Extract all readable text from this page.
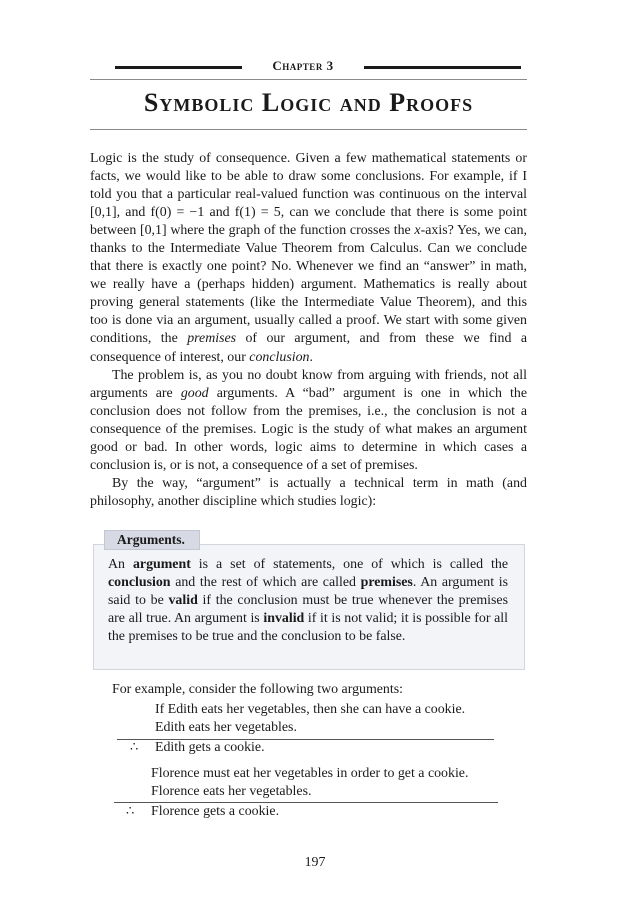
Chapter 3
Symbolic Logic and Proofs

Logic is the study of consequence. Given a few mathematical statements or facts, we would like to be able to draw some conclusions. For example, if I told you that a particular real-valued function was continuous on the interval [0,1], and f(0) = −1 and f(1) = 5, can we conclude that there is some point between [0,1] where the graph of the function crosses the x-axis? Yes, we can, thanks to the Intermediate Value Theorem from Calculus. Can we conclude that there is exactly one point? No. Whenever we find an “answer” in math, we really have a (perhaps hidden) argument. Mathematics is really about proving general statements (like the Intermediate Value Theorem), and this too is done via an argument, usually called a proof. We start with some given conditions, the premises of our argument, and from these we find a consequence of interest, our conclusion.

The problem is, as you no doubt know from arguing with friends, not all arguments are good arguments. A “bad” argument is one in which the conclusion does not follow from the premises, i.e., the conclusion is not a consequence of the premises. Logic is the study of what makes an argument good or bad. In other words, logic aims to determine in which cases a conclusion is, or is not, a consequence of a set of premises.

By the way, “argument” is actually a technical term in math (and philosophy, another discipline which studies logic):

Arguments.
An argument is a set of statements, one of which is called the conclusion and the rest of which are called premises. An argument is said to be valid if the conclusion must be true whenever the premises are all true. An argument is invalid if it is not valid; it is possible for all the premises to be true and the conclusion to be false.
For example, consider the following two arguments:
If Edith eats her vegetables, then she can have a cookie.
Edith eats her vegetables.
∴ Edith gets a cookie.
Florence must eat her vegetables in order to get a cookie.
Florence eats her vegetables.
∴ Florence gets a cookie.
197
